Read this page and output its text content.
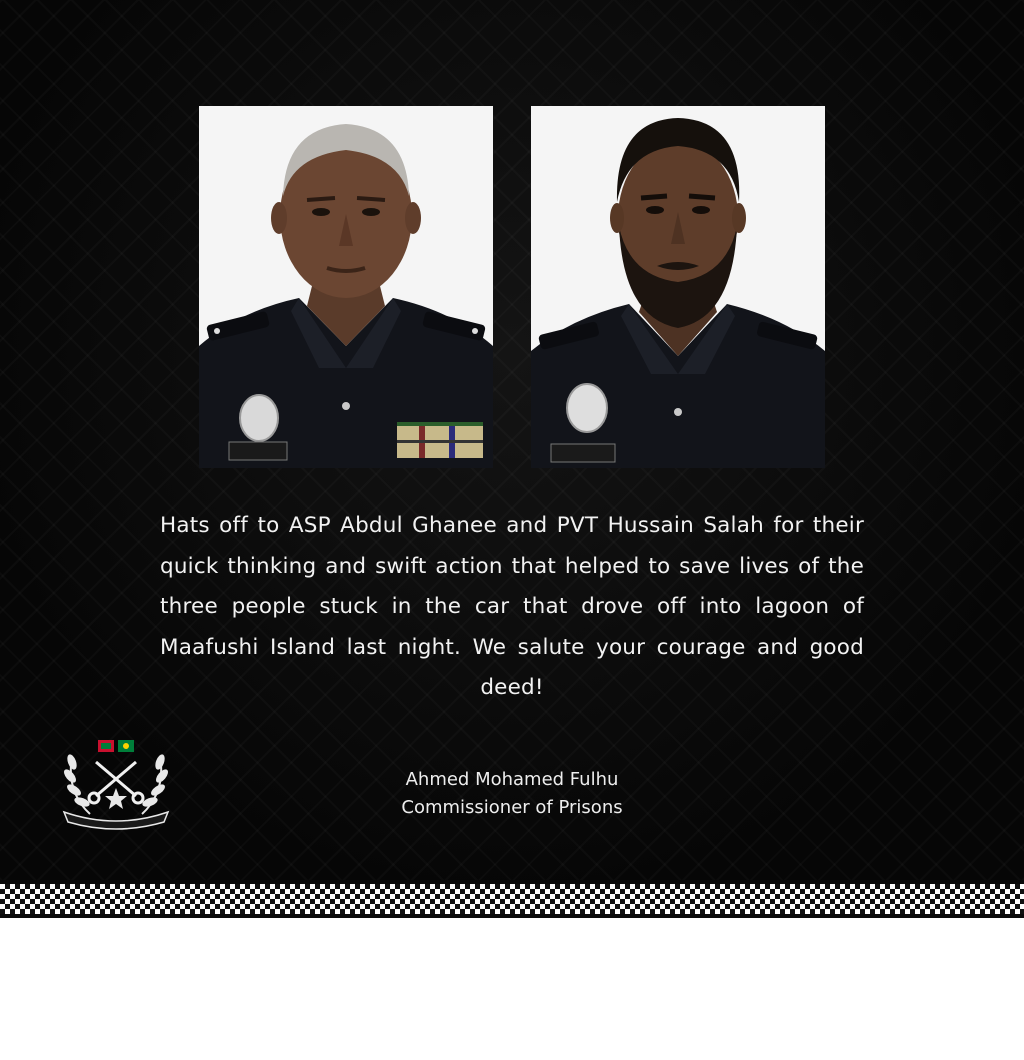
Hats off to ASP Abdul Ghanee and PVT Hussain Salah for their quick thinking and swift action that helped to save lives of the three people stuck in the car that drove off into lagoon of Maafushi Island last night. We salute your courage and good deed!
Ahmed Mohamed Fulhu
Commissioner of Prisons
